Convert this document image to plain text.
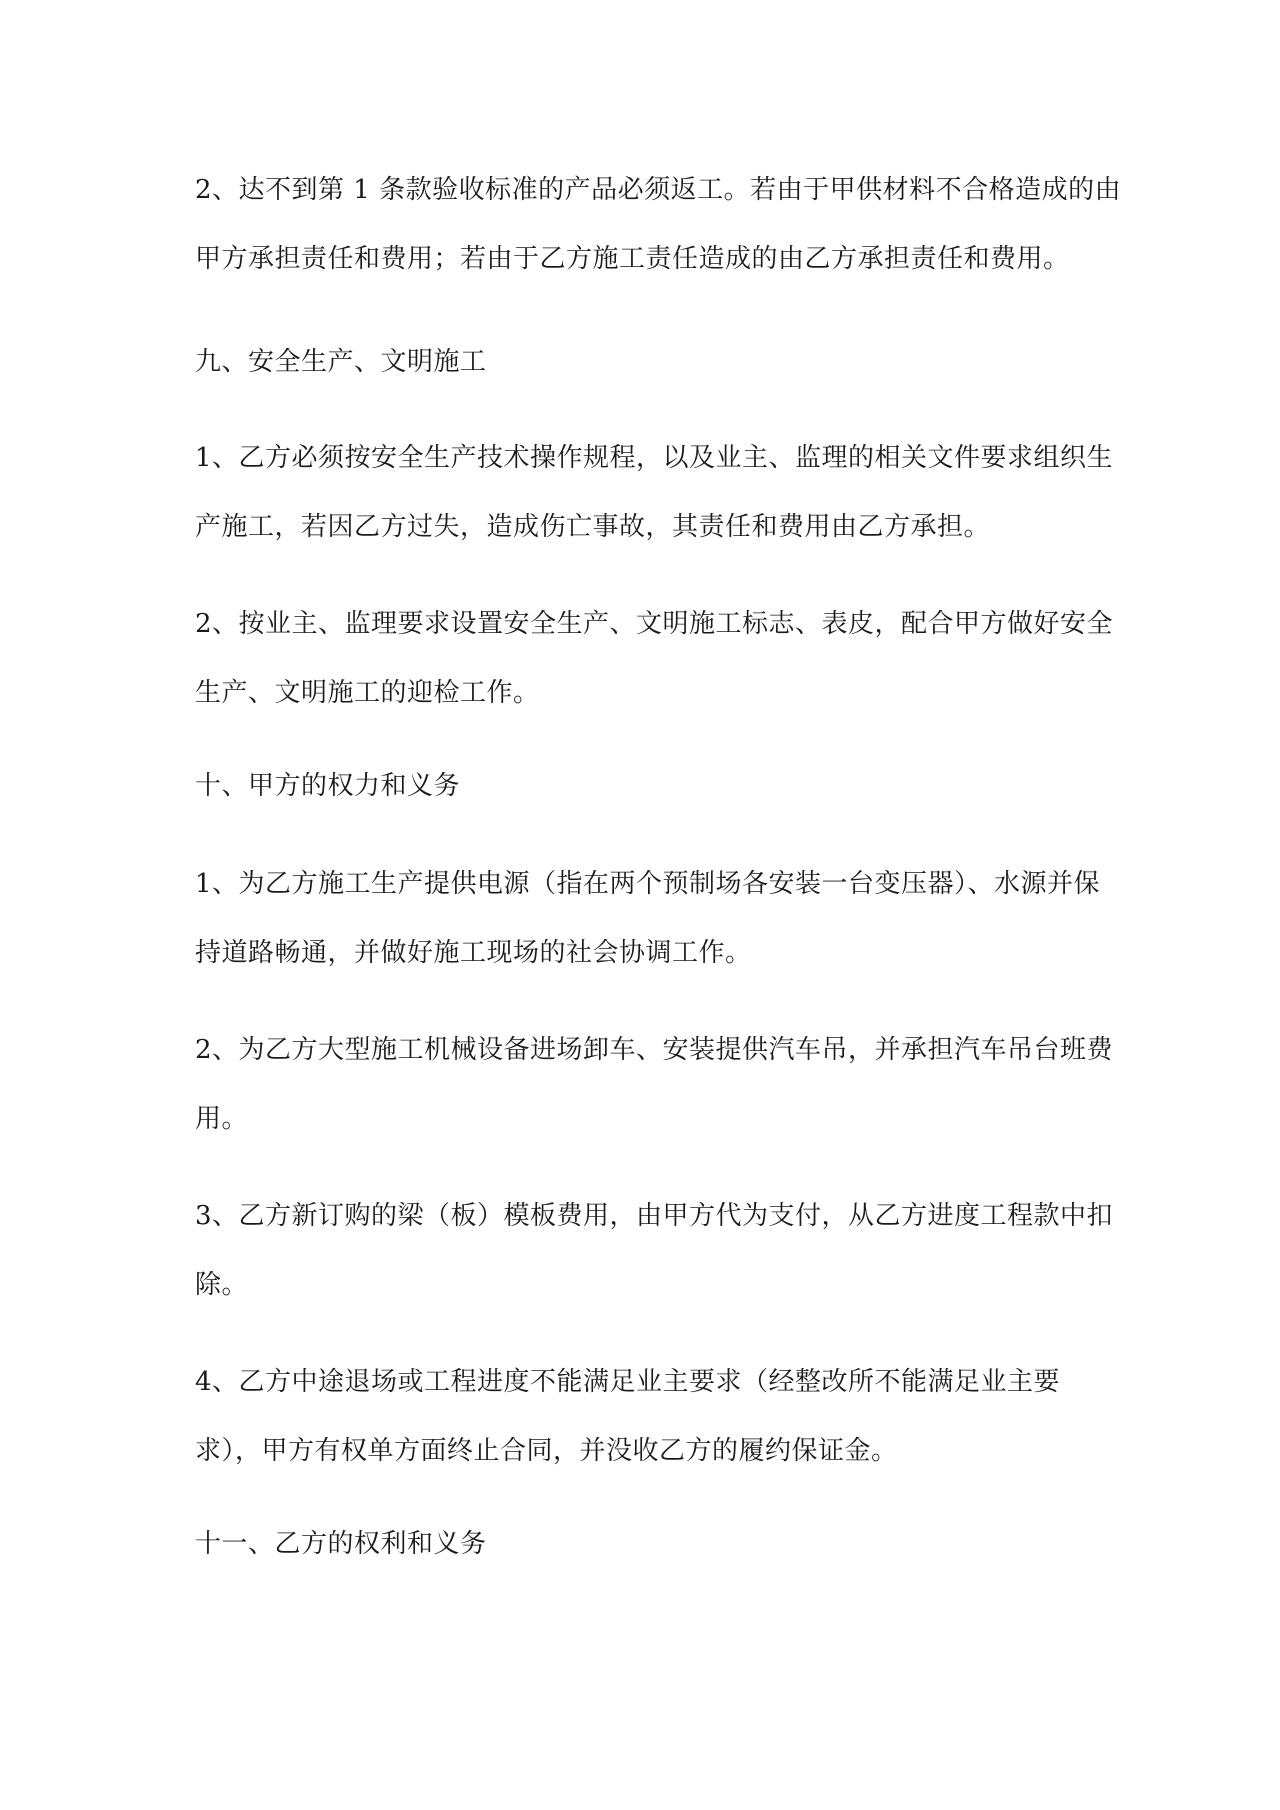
2、达不到第 1 条款验收标准的产品必须返工。若由于甲供材料不合格造成的由
甲方承担责任和费用；若由于乙方施工责任造成的由乙方承担责任和费用。

九、安全生产、文明施工

1、乙方必须按安全生产技术操作规程，以及业主、监理的相关文件要求组织生
产施工，若因乙方过失，造成伤亡事故，其责任和费用由乙方承担。

2、按业主、监理要求设置安全生产、文明施工标志、表皮，配合甲方做好安全
生产、文明施工的迎检工作。

十、甲方的权力和义务

1、为乙方施工生产提供电源（指在两个预制场各安装一台变压器）、水源并保
持道路畅通，并做好施工现场的社会协调工作。

2、为乙方大型施工机械设备进场卸车、安装提供汽车吊，并承担汽车吊台班费
用。

3、乙方新订购的梁（板）模板费用，由甲方代为支付，从乙方进度工程款中扣
除。

4、乙方中途退场或工程进度不能满足业主要求（经整改所不能满足业主要
求），甲方有权单方面终止合同，并没收乙方的履约保证金。

十一、乙方的权利和义务
